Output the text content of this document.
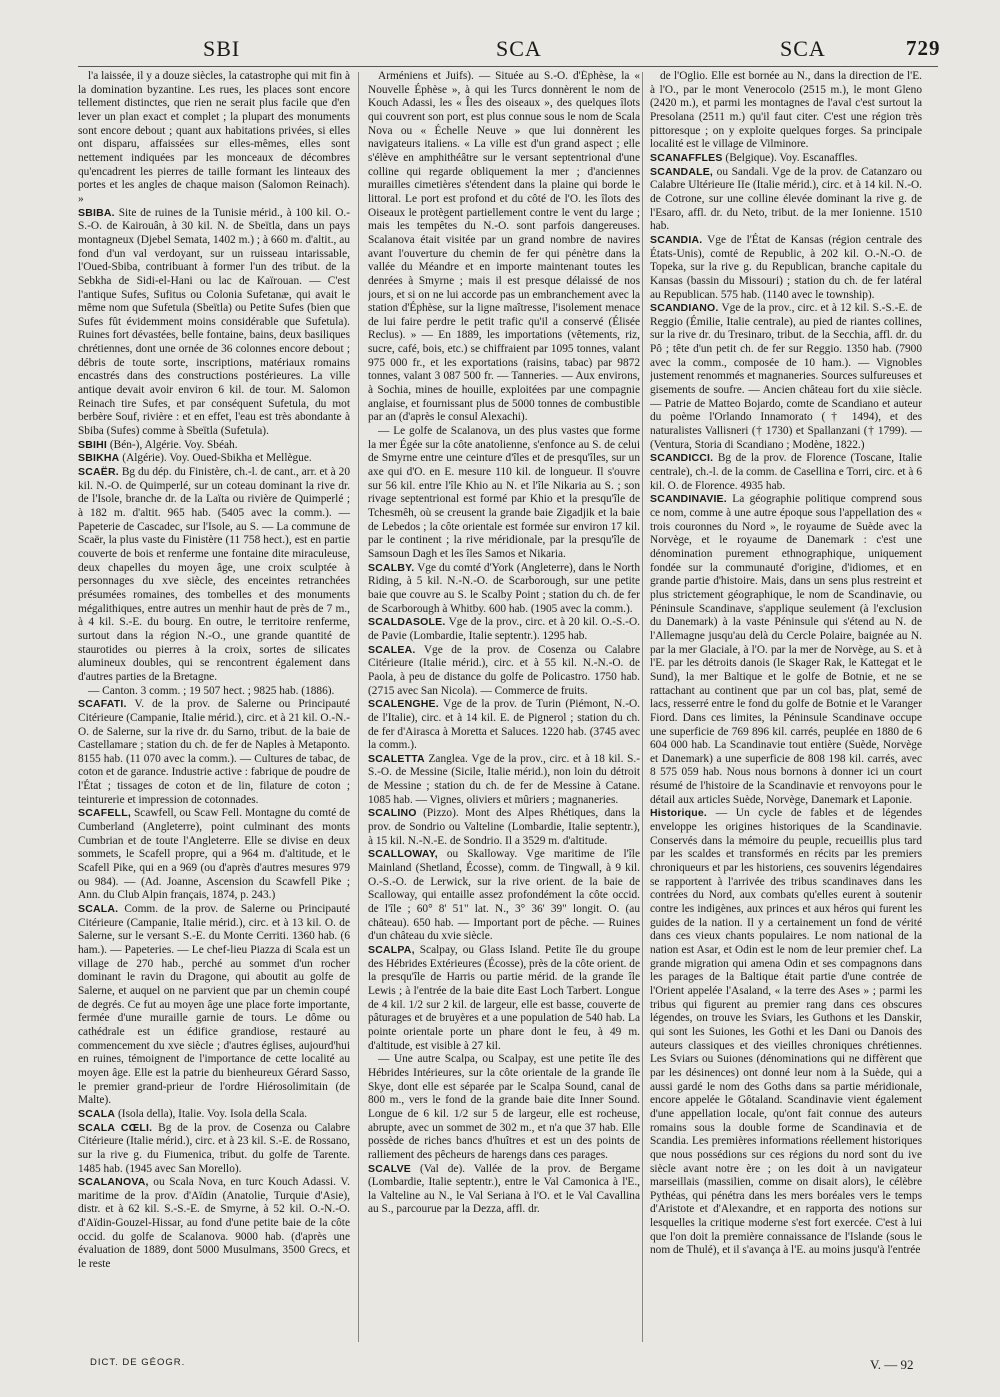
SBI	SCA	SCA	729

l'a laissée, il y a douze siècles, la catastrophe qui mit fin à la domination byzantine. Les rues, les places sont encore tellement distinctes, que rien ne serait plus facile que d'en lever un plan exact et complet ; la plupart des monuments sont encore debout ; quant aux habitations privées, si elles ont disparu, affaissées sur elles-mêmes, elles sont nettement indiquées par les monceaux de décombres qu'encadrent les pierres de taille formant les linteaux des portes et les angles de chaque maison (Salomon Reinach). »

SBIBA. Site de ruines de la Tunisie mérid., à 100 kil. O.-S.-O. de Kairouân, à 30 kil. N. de Sbeïtla, dans un pays montagneux (Djebel Semata, 1402 m.) ; à 660 m. d'altit., au fond d'un val verdoyant, sur un ruisseau intarissable, l'Oued-Sbiba, contribuant à former l'un des tribut. de la Sebkha de Sidi-el-Hani ou lac de Kaïrouan. — C'est l'antique Sufes, Sufitus ou Colonia Sufetanæ, qui avait le même nom que Sufetula (Sbeïtla) ou Petite Sufes (bien que Sufes fût évidemment moins considérable que Sufetula). Ruines fort dévastées, belle fontaine, bains, deux basiliques chrétiennes, dont une ornée de 36 colonnes encore debout ; débris de toute sorte, inscriptions, matériaux romains encastrés dans des constructions postérieures. La ville antique devait avoir environ 6 kil. de tour. M. Salomon Reinach tire Sufes, et par conséquent Sufetula, du mot berbère Souf, rivière : et en effet, l'eau est très abondante à Sbiba (Sufes) comme à Sbeïtla (Sufetula).

SBIHI (Bén-), Algérie. Voy. Sbéah.

SBIKHA (Algérie). Voy. Oued-Sbikha et Mellègue.

SCAËR. Bg du dép. du Finistère, ch.-l. de cant., arr. et à 20 kil. N.-O. de Quimperlé, sur un coteau dominant la rive dr. de l'Isole, branche dr. de la Laïta ou rivière de Quimperlé ; à 182 m. d'altit. 965 hab. (5405 avec la comm.). — Papeterie de Cascadec, sur l'Isole, au S. — La commune de Scaër, la plus vaste du Finistère (11 758 hect.), est en partie couverte de bois et renferme une fontaine dite miraculeuse, deux chapelles du moyen âge, une croix sculptée à personnages du xve siècle, des enceintes retranchées présumées romaines, des tombelles et des monuments mégalithiques, entre autres un menhir haut de près de 7 m., à 4 kil. S.-E. du bourg. En outre, le territoire renferme, surtout dans la région N.-O., une grande quantité de staurotides ou pierres à la croix, sortes de silicates alumineux doubles, qui se rencontrent également dans d'autres parties de la Bretagne.

— Canton. 3 comm. ; 19 507 hect. ; 9825 hab. (1886).

SCAFATI. V. de la prov. de Salerne ou Principauté Citérieure (Campanie, Italie mérid.), circ. et à 21 kil. O.-N.-O. de Salerne, sur la rive dr. du Sarno, tribut. de la baie de Castellamare ; station du ch. de fer de Naples à Metaponto. 8155 hab. (11 070 avec la comm.). — Cultures de tabac, de coton et de garance. Industrie active : fabrique de poudre de l'État ; tissages de coton et de lin, filature de coton ; teinturerie et impression de cotonnades.

SCAFELL, Scawfell, ou Scaw Fell. Montagne du comté de Cumberland (Angleterre), point culminant des monts Cumbrian et de toute l'Angleterre. Elle se divise en deux sommets, le Scafell propre, qui a 964 m. d'altitude, et le Scafell Pike, qui en a 969 (ou d'après d'autres mesures 979 ou 984). — (Ad. Joanne, Ascension du Scawfell Pike ; Ann. du Club Alpin français, 1874, p. 243.)

SCALA. Comm. de la prov. de Salerne ou Principauté Citérieure (Campanie, Italie mérid.), circ. et à 13 kil. O. de Salerne, sur le versant S.-E. du Monte Cerriti. 1360 hab. (6 ham.). — Papeteries. — Le chef-lieu Piazza di Scala est un village de 270 hab., perché au sommet d'un rocher dominant le ravin du Dragone, qui aboutit au golfe de Salerne, et auquel on ne parvient que par un chemin coupé de degrés. Ce fut au moyen âge une place forte importante, fermée d'une muraille garnie de tours. Le dôme ou cathédrale est un édifice grandiose, restauré au commencement du xve siècle ; d'autres églises, aujourd'hui en ruines, témoignent de l'importance de cette localité au moyen âge. Elle est la patrie du bienheureux Gérard Sasso, le premier grand-prieur de l'ordre Hiérosolimitain (de Malte).

SCALA (Isola della), Italie. Voy. Isola della Scala.

SCALA CŒLI. Bg de la prov. de Cosenza ou Calabre Citérieure (Italie mérid.), circ. et à 23 kil. S.-E. de Rossano, sur la rive g. du Fiumenica, tribut. du golfe de Tarente. 1485 hab. (1945 avec San Morello).

SCALANOVA, ou Scala Nova, en turc Kouch Adassi. V. maritime de la prov. d'Aïdin (Anatolie, Turquie d'Asie), distr. et à 62 kil. S.-S.-E. de Smyrne, à 52 kil. O.-N.-O. d'Aïdin-Gouzel-Hissar, au fond d'une petite baie de la côte occid. du golfe de Scalanova. 9000 hab. (d'après une évaluation de 1889, dont 5000 Musulmans, 3500 Grecs, et le reste

Arméniens et Juifs). — Située au S.-O. d'Éphèse, la « Nouvelle Éphèse », à qui les Turcs donnèrent le nom de Kouch Adassi, les « Îles des oiseaux », des quelques îlots qui couvrent son port, est plus connue sous le nom de Scala Nova ou « Échelle Neuve » que lui donnèrent les navigateurs italiens. « La ville est d'un grand aspect ; elle s'élève en amphithéâtre sur le versant septentrional d'une colline qui regarde obliquement la mer ; d'anciennes murailles cimetières s'étendent dans la plaine qui borde le littoral. Le port est profond et du côté de l'O. les îlots des Oiseaux le protègent partiellement contre le vent du large ; mais les tempêtes du N.-O. sont parfois dangereuses. Scalanova était visitée par un grand nombre de navires avant l'ouverture du chemin de fer qui pénètre dans la vallée du Méandre et en importe maintenant toutes les denrées à Smyrne ; mais il est presque délaissé de nos jours, et si on ne lui accorde pas un embranchement avec la station d'Éphèse, sur la ligne maîtresse, l'isolement menace de lui faire perdre le petit trafic qu'il a conservé (Élisée Reclus). » — En 1889, les importations (vêtements, riz, sucre, café, bois, etc.) se chiffraient par 1095 tonnes, valant 975 000 fr., et les exportations (raisins, tabac) par 9872 tonnes, valant 3 087 500 fr. — Tanneries. — Aux environs, à Sochia, mines de houille, exploitées par une compagnie anglaise, et fournissant plus de 5000 tonnes de combustible par an (d'après le consul Alexachi).

— Le golfe de Scalanova, un des plus vastes que forme la mer Égée sur la côte anatolienne, s'enfonce au S. de celui de Smyrne entre une ceinture d'îles et de presqu'îles, sur un axe qui d'O. en E. mesure 110 kil. de longueur. Il s'ouvre sur 56 kil. entre l'île Khio au N. et l'île Nikaria au S. ; son rivage septentrional est formé par Khio et la presqu'île de Tchesmêh, où se creusent la grande baie Zigadjik et la baie de Lebedos ; la côte orientale est formée sur environ 17 kil. par le continent ; la rive méridionale, par la presqu'île de Samsoun Dagh et les îles Samos et Nikaria.

SCALBY. Vge du comté d'York (Angleterre), dans le North Riding, à 5 kil. N.-N.-O. de Scarborough, sur une petite baie que couvre au S. le Scalby Point ; station du ch. de fer de Scarborough à Whitby. 600 hab. (1905 avec la comm.).

SCALDASOLE. Vge de la prov., circ. et à 20 kil. O.-S.-O. de Pavie (Lombardie, Italie septentr.). 1295 hab.

SCALEA. Vge de la prov. de Cosenza ou Calabre Citérieure (Italie mérid.), circ. et à 55 kil. N.-N.-O. de Paola, à peu de distance du golfe de Policastro. 1750 hab. (2715 avec San Nicola). — Commerce de fruits.

SCALENGHE. Vge de la prov. de Turin (Piémont, N.-O. de l'Italie), circ. et à 14 kil. E. de Pignerol ; station du ch. de fer d'Airasca à Moretta et Saluces. 1220 hab. (3745 avec la comm.).

SCALETTA Zanglea. Vge de la prov., circ. et à 18 kil. S.-S.-O. de Messine (Sicile, Italie mérid.), non loin du détroit de Messine ; station du ch. de fer de Messine à Catane. 1085 hab. — Vignes, oliviers et mûriers ; magnaneries.

SCALINO (Pizzo). Mont des Alpes Rhétiques, dans la prov. de Sondrio ou Valteline (Lombardie, Italie septentr.), à 15 kil. N.-N.-E. de Sondrio. Il a 3529 m. d'altitude.

SCALLOWAY, ou Skalloway. Vge maritime de l'île Mainland (Shetland, Écosse), comm. de Tingwall, à 9 kil. O.-S.-O. de Lerwick, sur la rive orient. de la baie de Scalloway, qui entaille assez profondément la côte occid. de l'île ; 60° 8' 51" lat. N., 3° 36' 39" longit. O. (au château). 650 hab. — Important port de pêche. — Ruines d'un château du xvie siècle.

SCALPA, Scalpay, ou Glass Island. Petite île du groupe des Hébrides Extérieures (Écosse), près de la côte orient. de la presqu'île de Harris ou partie mérid. de la grande île Lewis ; à l'entrée de la baie dite East Loch Tarbert. Longue de 4 kil. 1/2 sur 2 kil. de largeur, elle est basse, couverte de pâturages et de bruyères et a une population de 540 hab. La pointe orientale porte un phare dont le feu, à 49 m. d'altitude, est visible à 27 kil.

— Une autre Scalpa, ou Scalpay, est une petite île des Hébrides Intérieures, sur la côte orientale de la grande île Skye, dont elle est séparée par le Scalpa Sound, canal de 800 m., vers le fond de la grande baie dite Inner Sound. Longue de 6 kil. 1/2 sur 5 de largeur, elle est rocheuse, abrupte, avec un sommet de 302 m., et n'a que 37 hab. Elle possède de riches bancs d'huîtres et est un des points de ralliement des pêcheurs de harengs dans ces parages.

SCALVE (Val de). Vallée de la prov. de Bergame (Lombardie, Italie septentr.), entre le Val Camonica à l'E., la Valteline au N., le Val Seriana à l'O. et le Val Cavallina au S., parcourue par la Dezza, affl. dr.

de l'Oglio. Elle est bornée au N., dans la direction de l'E. à l'O., par le mont Venerocolo (2515 m.), le mont Gleno (2420 m.), et parmi les montagnes de l'aval c'est surtout la Presolana (2511 m.) qu'il faut citer. C'est une région très pittoresque ; on y exploite quelques forges. Sa principale localité est le village de Vilminore.

SCANAFFLES (Belgique). Voy. Escanaffles.

SCANDALE, ou Sandali. Vge de la prov. de Catanzaro ou Calabre Ultérieure IIe (Italie mérid.), circ. et à 14 kil. N.-O. de Cotrone, sur une colline élevée dominant la rive g. de l'Esaro, affl. dr. du Neto, tribut. de la mer Ionienne. 1510 hab.

SCANDIA. Vge de l'État de Kansas (région centrale des États-Unis), comté de Republic, à 202 kil. O.-N.-O. de Topeka, sur la rive g. du Republican, branche capitale du Kansas (bassin du Missouri) ; station du ch. de fer latéral au Republican. 575 hab. (1140 avec le township).

SCANDIANO. Vge de la prov., circ. et à 12 kil. S.-S.-E. de Reggio (Émilie, Italie centrale), au pied de riantes collines, sur la rive dr. du Tresinaro, tribut. de la Secchia, affl. dr. du Pô ; tête d'un petit ch. de fer sur Reggio. 1350 hab. (7900 avec la comm., composée de 10 ham.). — Vignobles justement renommés et magnaneries. Sources sulfureuses et gisements de soufre. — Ancien château fort du xiie siècle. — Patrie de Matteo Bojardo, comte de Scandiano et auteur du poème l'Orlando Innamorato († 1494), et des naturalistes Vallisneri († 1730) et Spallanzani († 1799). — (Ventura, Storia di Scandiano ; Modène, 1822.)

SCANDICCI. Bg de la prov. de Florence (Toscane, Italie centrale), ch.-l. de la comm. de Casellina e Torri, circ. et à 6 kil. O. de Florence. 4935 hab.

SCANDINAVIE. La géographie politique comprend sous ce nom, comme à une autre époque sous l'appellation des « trois couronnes du Nord », le royaume de Suède avec la Norvège, et le royaume de Danemark : c'est une dénomination purement ethnographique, uniquement fondée sur la communauté d'origine, d'idiomes, et en grande partie d'histoire. Mais, dans un sens plus restreint et plus strictement géographique, le nom de Scandinavie, ou Péninsule Scandinave, s'applique seulement (à l'exclusion du Danemark) à la vaste Péninsule qui s'étend au N. de l'Allemagne jusqu'au delà du Cercle Polaire, baignée au N. par la mer Glaciale, à l'O. par la mer de Norvège, au S. et à l'E. par les détroits danois (le Skager Rak, le Kattegat et le Sund), la mer Baltique et le golfe de Botnie, et ne se rattachant au continent que par un col bas, plat, semé de lacs, resserré entre le fond du golfe de Botnie et le Varanger Fiord. Dans ces limites, la Péninsule Scandinave occupe une superficie de 769 896 kil. carrés, peuplée en 1880 de 6 604 000 hab. La Scandinavie tout entière (Suède, Norvège et Danemark) a une superficie de 808 198 kil. carrés, avec 8 575 059 hab. Nous nous bornons à donner ici un court résumé de l'histoire de la Scandinavie et renvoyons pour le détail aux articles Suède, Norvège, Danemark et Laponie.

Historique. — Un cycle de fables et de légendes enveloppe les origines historiques de la Scandinavie. Conservés dans la mémoire du peuple, recueillis plus tard par les scaldes et transformés en récits par les premiers chroniqueurs et par les historiens, ces souvenirs légendaires se rapportent à l'arrivée des tribus scandinaves dans les contrées du Nord, aux combats qu'elles eurent à soutenir contre les indigènes, aux princes et aux héros qui furent les guides de la nation. Il y a certainement un fond de vérité dans ces vieux chants populaires. Le nom national de la nation est Asar, et Odin est le nom de leur premier chef. La grande migration qui amena Odin et ses compagnons dans les parages de la Baltique était partie d'une contrée de l'Orient appelée l'Asaland, « la terre des Ases » ; parmi les tribus qui figurent au premier rang dans ces obscures légendes, on trouve les Sviars, les Guthons et les Danskir, qui sont les Suiones, les Gothi et les Dani ou Danois des auteurs classiques et des vieilles chroniques chrétiennes. Les Sviars ou Suiones (dénominations qui ne diffèrent que par les désinences) ont donné leur nom à la Suède, qui a aussi gardé le nom des Goths dans sa partie méridionale, encore appelée le Gôtaland. Scandinavie vient également d'une appellation locale, qu'ont fait connue des auteurs romains sous la double forme de Scandinavia et de Scandia. Les premières informations réellement historiques que nous possédions sur ces régions du nord sont du ive siècle avant notre ère ; on les doit à un navigateur marseillais (massilien, comme on disait alors), le célèbre Pythéas, qui pénétra dans les mers boréales vers le temps d'Aristote et d'Alexandre, et en rapporta des notions sur lesquelles la critique moderne s'est fort exercée. C'est à lui que l'on doit la première connaissance de l'Islande (sous le nom de Thulé), et il s'avança à l'E. au moins jusqu'à l'entrée

DICT. DE GÉOGR.	V. — 92
